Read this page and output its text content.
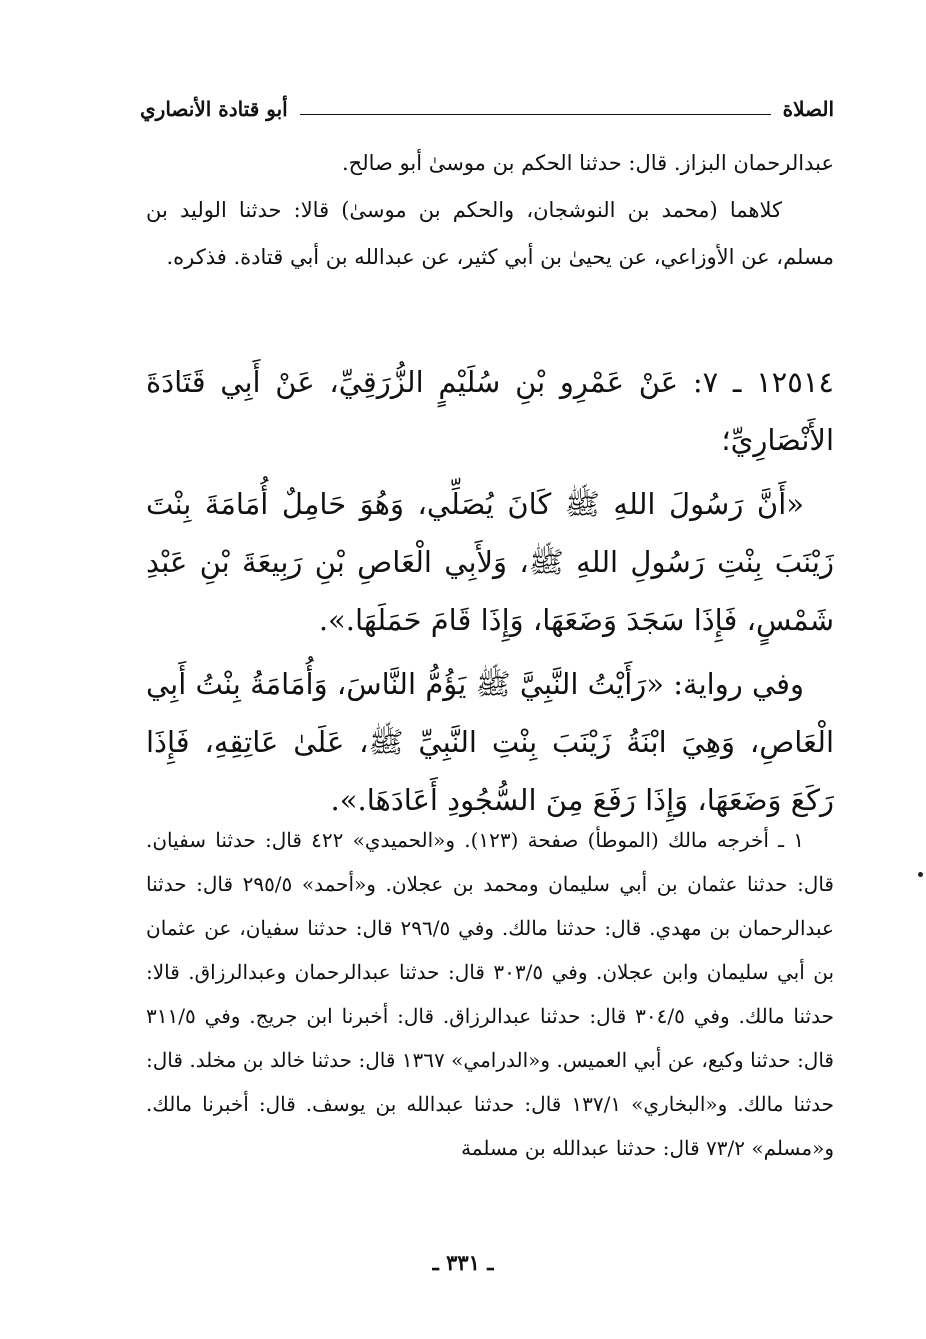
الصلاة
أبو قتادة الأنصاري

عبدالرحمان البزاز. قال: حدثنا الحكم بن موسىٰ أبو صالح.

كلاهما (محمد بن النوشجان، والحكم بن موسىٰ) قالا: حدثنا الوليد بن مسلم، عن الأوزاعي، عن يحيىٰ بن أبي كثير، عن عبدالله بن أبي قتادة. فذكره.

١٢٥١٤ ـ ٧: عَنْ عَمْرِو بْنِ سُلَيْمٍ الزُّرَقِيِّ، عَنْ أَبِي قَتَادَةَ الأَنْصَارِيِّ؛

«أَنَّ رَسُولَ اللهِ ﷺ كَانَ يُصَلِّي، وَهُوَ حَامِلٌ أُمَامَةَ بِنْتَ زَيْنَبَ بِنْتِ رَسُولِ اللهِ ﷺ، وَلأَبِي الْعَاصِ بْنِ رَبِيعَةَ بْنِ عَبْدِ شَمْسٍ، فَإِذَا سَجَدَ وَضَعَهَا، وَإِذَا قَامَ حَمَلَهَا.».

وفي رواية: «رَأَيْتُ النَّبِيَّ ﷺ يَؤُمُّ النَّاسَ، وَأُمَامَةُ بِنْتُ أَبِي الْعَاصِ، وَهِيَ ابْنَةُ زَيْنَبَ بِنْتِ النَّبِيِّ ﷺ، عَلَىٰ عَاتِقِهِ، فَإِذَا رَكَعَ وَضَعَهَا، وَإِذَا رَفَعَ مِنَ السُّجُودِ أَعَادَهَا.».

١ ـ أخرجه مالك (الموطأ) صفحة (١٢٣). و«الحميدي» ٤٢٢ قال: حدثنا سفيان. قال: حدثنا عثمان بن أبي سليمان ومحمد بن عجلان. و«أحمد» ٢٩٥/٥ قال: حدثنا عبدالرحمان بن مهدي. قال: حدثنا مالك. وفي ٢٩٦/٥ قال: حدثنا سفيان، عن عثمان بن أبي سليمان وابن عجلان. وفي ٣٠٣/٥ قال: حدثنا عبدالرحمان وعبدالرزاق. قالا: حدثنا مالك. وفي ٣٠٤/٥ قال: حدثنا عبدالرزاق. قال: أخبرنا ابن جريج. وفي ٣١١/٥ قال: حدثنا وكيع، عن أبي العميس. و«الدرامي» ١٣٦٧ قال: حدثنا خالد بن مخلد. قال: حدثنا مالك. و«البخاري» ١٣٧/١ قال: حدثنا عبدالله بن يوسف. قال: أخبرنا مالك. و«مسلم» ٧٣/٢ قال: حدثنا عبدالله بن مسلمة

ـ ٣٣١ ـ
